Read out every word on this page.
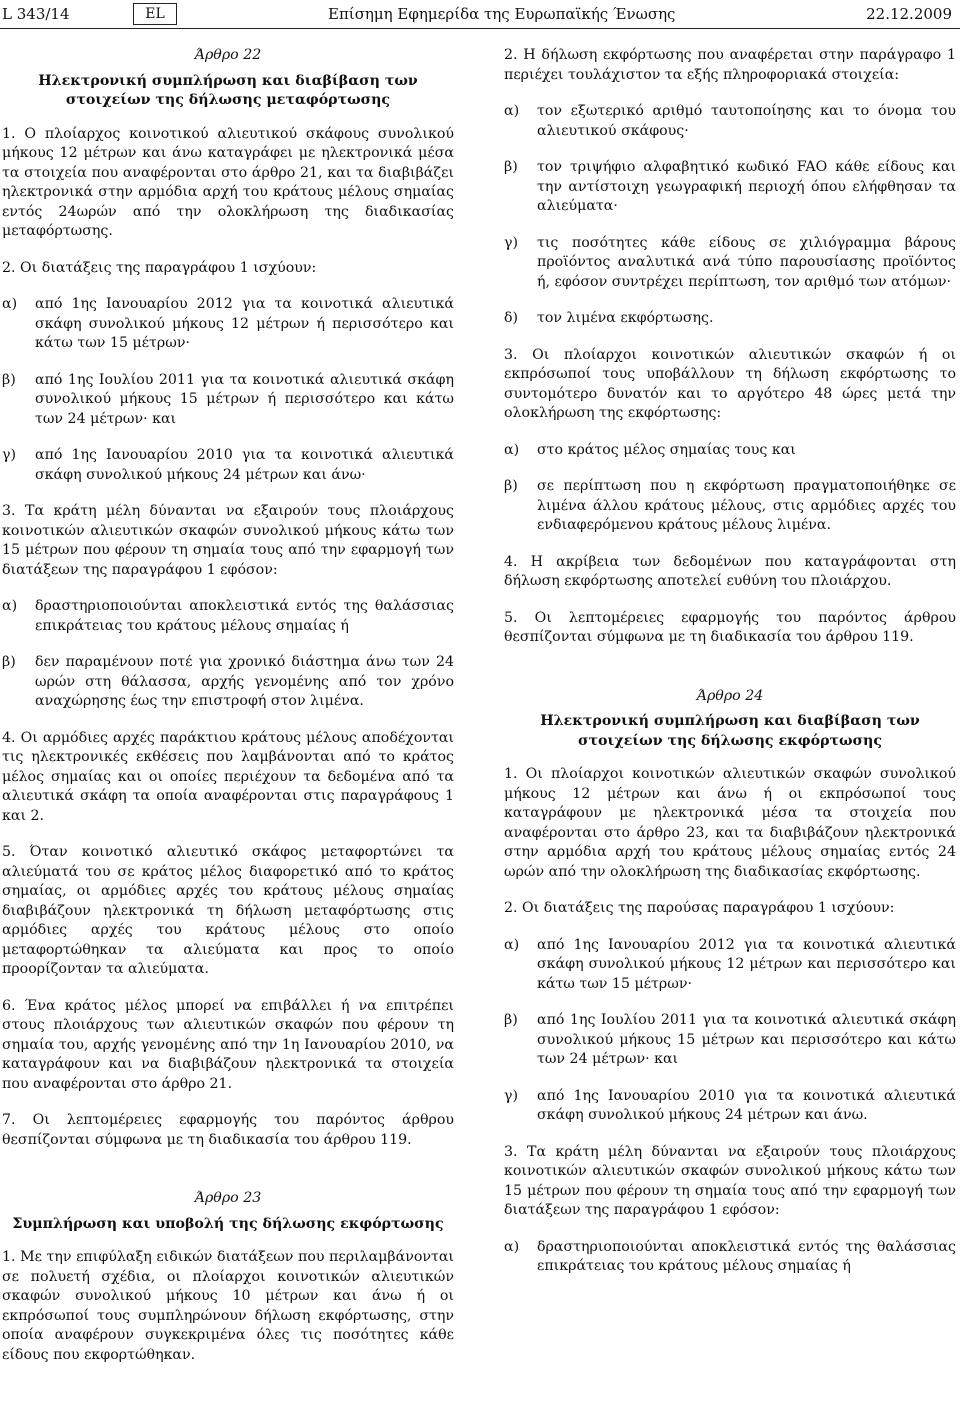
L 343/14	EL	Επίσημη Εφημερίδα της Ευρωπαϊκής Ένωσης	22.12.2009
Άρθρο 22
Ηλεκτρονική συμπλήρωση και διαβίβαση των στοιχείων της δήλωσης μεταφόρτωσης

1. Ο πλοίαρχος κοινοτικού αλιευτικού σκάφους συνολικού μήκους 12 μέτρων και άνω καταγράφει με ηλεκτρονικά μέσα τα στοιχεία που αναφέρονται στο άρθρο 21, και τα διαβιβάζει ηλεκτρονικά στην αρμόδια αρχή του κράτους μέλους σημαίας εντός 24ωρών από την ολοκλήρωση της διαδικασίας μεταφόρτωσης.

2. Οι διατάξεις της παραγράφου 1 ισχύουν:

α)	από 1ης Ιανουαρίου 2012 για τα κοινοτικά αλιευτικά σκάφη συνολικού μήκους 12 μέτρων ή περισσότερο και κάτω των 15 μέτρων·
β)	από 1ης Ιουλίου 2011 για τα κοινοτικά αλιευτικά σκάφη συνολικού μήκους 15 μέτρων ή περισσότερο και κάτω των 24 μέτρων· και
γ)	από 1ης Ιανουαρίου 2010 για τα κοινοτικά αλιευτικά σκάφη συνολικού μήκους 24 μέτρων και άνω·

3. Τα κράτη μέλη δύνανται να εξαιρούν τους πλοιάρχους κοινοτικών αλιευτικών σκαφών συνολικού μήκους κάτω των 15 μέτρων που φέρουν τη σημαία τους από την εφαρμογή των διατάξεων της παραγράφου 1 εφόσον:

α)	δραστηριοποιούνται αποκλειστικά εντός της θαλάσσιας επικράτειας του κράτους μέλους σημαίας ή
β)	δεν παραμένουν ποτέ για χρονικό διάστημα άνω των 24 ωρών στη θάλασσα, αρχής γενομένης από τον χρόνο αναχώρησης έως την επιστροφή στον λιμένα.

4. Οι αρμόδιες αρχές παράκτιου κράτους μέλους αποδέχονται τις ηλεκτρονικές εκθέσεις που λαμβάνονται από το κράτος μέλος σημαίας και οι οποίες περιέχουν τα δεδομένα από τα αλιευτικά σκάφη τα οποία αναφέρονται στις παραγράφους 1 και 2.

5. Όταν κοινοτικό αλιευτικό σκάφος μεταφορτώνει τα αλιεύματά του σε κράτος μέλος διαφορετικό από το κράτος σημαίας, οι αρμόδιες αρχές του κράτους μέλους σημαίας διαβιβάζουν ηλεκτρονικά τη δήλωση μεταφόρτωσης στις αρμόδιες αρχές του κράτους μέλους στο οποίο μεταφορτώθηκαν τα αλιεύματα και προς το οποίο προορίζονταν τα αλιεύματα.

6. Ένα κράτος μέλος μπορεί να επιβάλλει ή να επιτρέπει στους πλοιάρχους των αλιευτικών σκαφών που φέρουν τη σημαία του, αρχής γενομένης από την 1η Ιανουαρίου 2010, να καταγράφουν και να διαβιβάζουν ηλεκτρονικά τα στοιχεία που αναφέρονται στο άρθρο 21.

7. Οι λεπτομέρειες εφαρμογής του παρόντος άρθρου θεσπίζονται σύμφωνα με τη διαδικασία του άρθρου 119.

Άρθρο 23
Συμπλήρωση και υποβολή της δήλωσης εκφόρτωσης

1. Με την επιφύλαξη ειδικών διατάξεων που περιλαμβάνονται σε πολυετή σχέδια, οι πλοίαρχοι κοινοτικών αλιευτικών σκαφών συνολικού μήκους 10 μέτρων και άνω ή οι εκπρόσωποί τους συμπληρώνουν δήλωση εκφόρτωσης, στην οποία αναφέρουν συγκεκριμένα όλες τις ποσότητες κάθε είδους που εκφορτώθηκαν.

2. Η δήλωση εκφόρτωσης που αναφέρεται στην παράγραφο 1 περιέχει τουλάχιστον τα εξής πληροφοριακά στοιχεία:

α)	τον εξωτερικό αριθμό ταυτοποίησης και το όνομα του αλιευτικού σκάφους·
β)	τον τριψήφιο αλφαβητικό κωδικό FAO κάθε είδους και την αντίστοιχη γεωγραφική περιοχή όπου ελήφθησαν τα αλιεύματα·
γ)	τις ποσότητες κάθε είδους σε χιλιόγραμμα βάρους προϊόντος αναλυτικά ανά τύπο παρουσίασης προϊόντος ή, εφόσον συντρέχει περίπτωση, τον αριθμό των ατόμων·
δ)	τον λιμένα εκφόρτωσης.

3. Οι πλοίαρχοι κοινοτικών αλιευτικών σκαφών ή οι εκπρόσωποί τους υποβάλλουν τη δήλωση εκφόρτωσης το συντομότερο δυνατόν και το αργότερο 48 ώρες μετά την ολοκλήρωση της εκφόρτωσης:

α)	στο κράτος μέλος σημαίας τους και
β)	σε περίπτωση που η εκφόρτωση πραγματοποιήθηκε σε λιμένα άλλου κράτους μέλους, στις αρμόδιες αρχές του ενδιαφερόμενου κράτους μέλους λιμένα.

4. Η ακρίβεια των δεδομένων που καταγράφονται στη δήλωση εκφόρτωσης αποτελεί ευθύνη του πλοιάρχου.

5. Οι λεπτομέρειες εφαρμογής του παρόντος άρθρου θεσπίζονται σύμφωνα με τη διαδικασία του άρθρου 119.

Άρθρο 24
Ηλεκτρονική συμπλήρωση και διαβίβαση των στοιχείων της δήλωσης εκφόρτωσης

1. Οι πλοίαρχοι κοινοτικών αλιευτικών σκαφών συνολικού μήκους 12 μέτρων και άνω ή οι εκπρόσωποί τους καταγράφουν με ηλεκτρονικά μέσα τα στοιχεία που αναφέρονται στο άρθρο 23, και τα διαβιβάζουν ηλεκτρονικά στην αρμόδια αρχή του κράτους μέλους σημαίας εντός 24 ωρών από την ολοκλήρωση της διαδικασίας εκφόρτωσης.

2. Οι διατάξεις της παρούσας παραγράφου 1 ισχύουν:

α)	από 1ης Ιανουαρίου 2012 για τα κοινοτικά αλιευτικά σκάφη συνολικού μήκους 12 μέτρων και περισσότερο και κάτω των 15 μέτρων·
β)	από 1ης Ιουλίου 2011 για τα κοινοτικά αλιευτικά σκάφη συνολικού μήκους 15 μέτρων και περισσότερο και κάτω των 24 μέτρων· και
γ)	από 1ης Ιανουαρίου 2010 για τα κοινοτικά αλιευτικά σκάφη συνολικού μήκους 24 μέτρων και άνω.

3. Τα κράτη μέλη δύνανται να εξαιρούν τους πλοιάρχους κοινοτικών αλιευτικών σκαφών συνολικού μήκους κάτω των 15 μέτρων που φέρουν τη σημαία τους από την εφαρμογή των διατάξεων της παραγράφου 1 εφόσον:

α)	δραστηριοποιούνται αποκλειστικά εντός της θαλάσσιας επικράτειας του κράτους μέλους σημαίας ή
